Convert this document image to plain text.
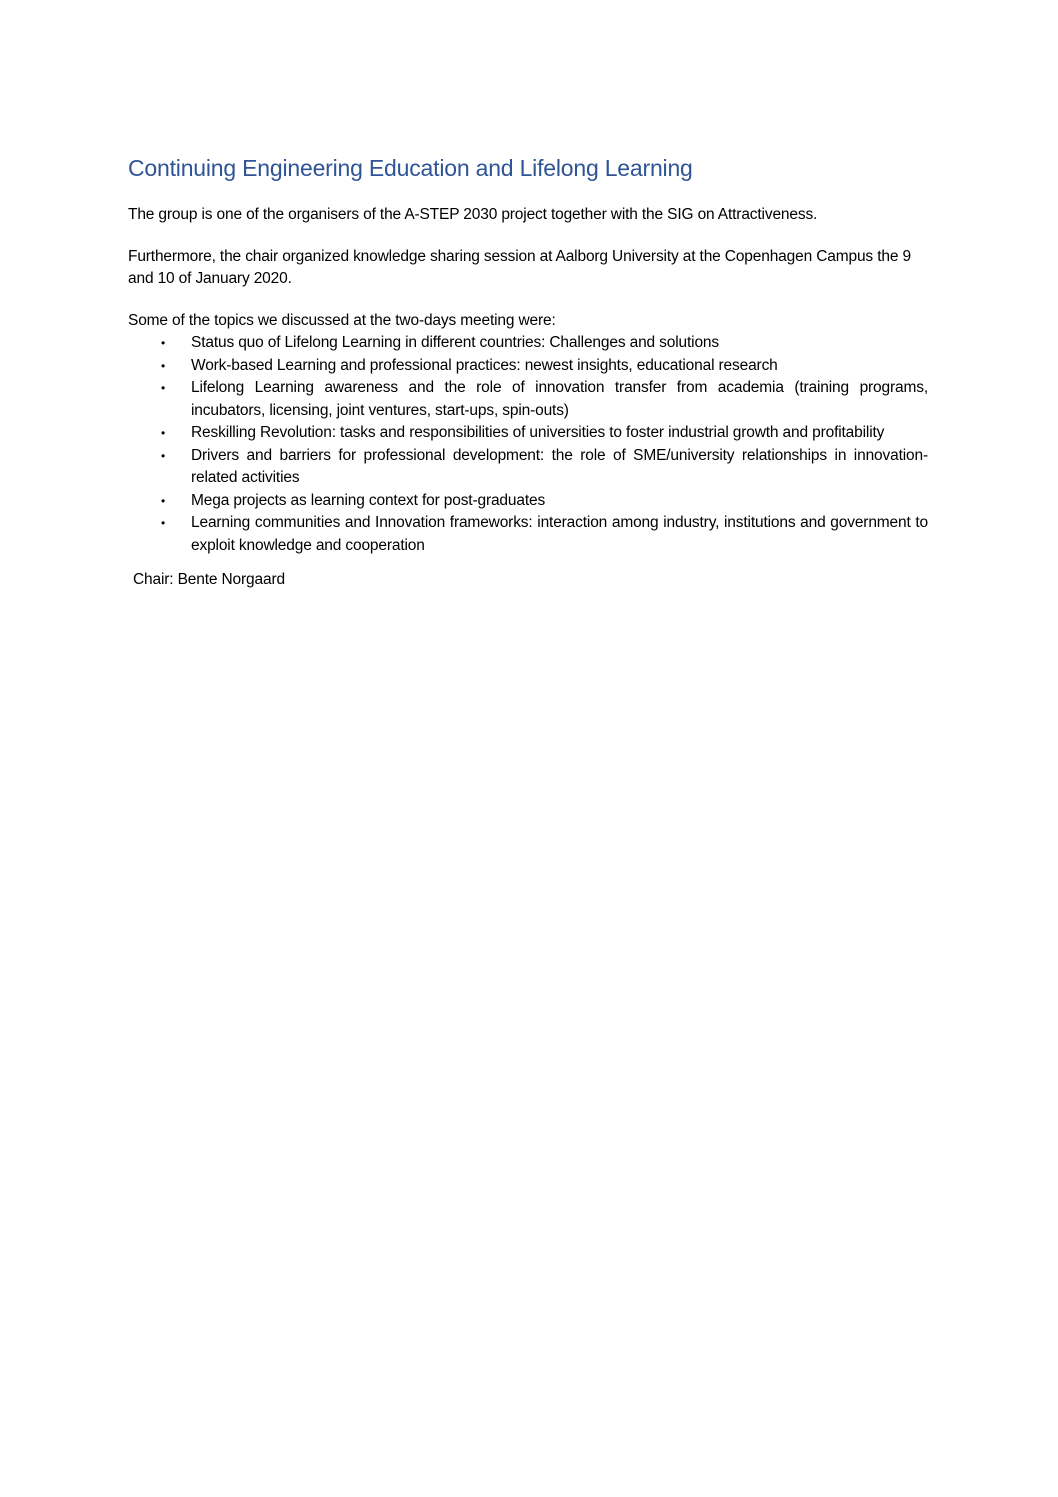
Continuing Engineering Education and Lifelong Learning

The group is one of the organisers of the A-STEP 2030 project together with the SIG on Attractiveness.

Furthermore, the chair organized knowledge sharing session at Aalborg University at the Copenhagen Campus the 9 and 10 of January 2020.

Some of the topics we discussed at the two-days meeting were:

• Status quo of Lifelong Learning in different countries: Challenges and solutions
• Work-based Learning and professional practices: newest insights, educational research
• Lifelong Learning awareness and the role of innovation transfer from academia (training programs, incubators, licensing, joint ventures, start-ups, spin-outs)
• Reskilling Revolution: tasks and responsibilities of universities to foster industrial growth and profitability
• Drivers and barriers for professional development: the role of SME/university relationships in innovation-related activities
• Mega projects as learning context for post-graduates
• Learning communities and Innovation frameworks: interaction among industry, institutions and government to exploit knowledge and cooperation

Chair: Bente Norgaard
